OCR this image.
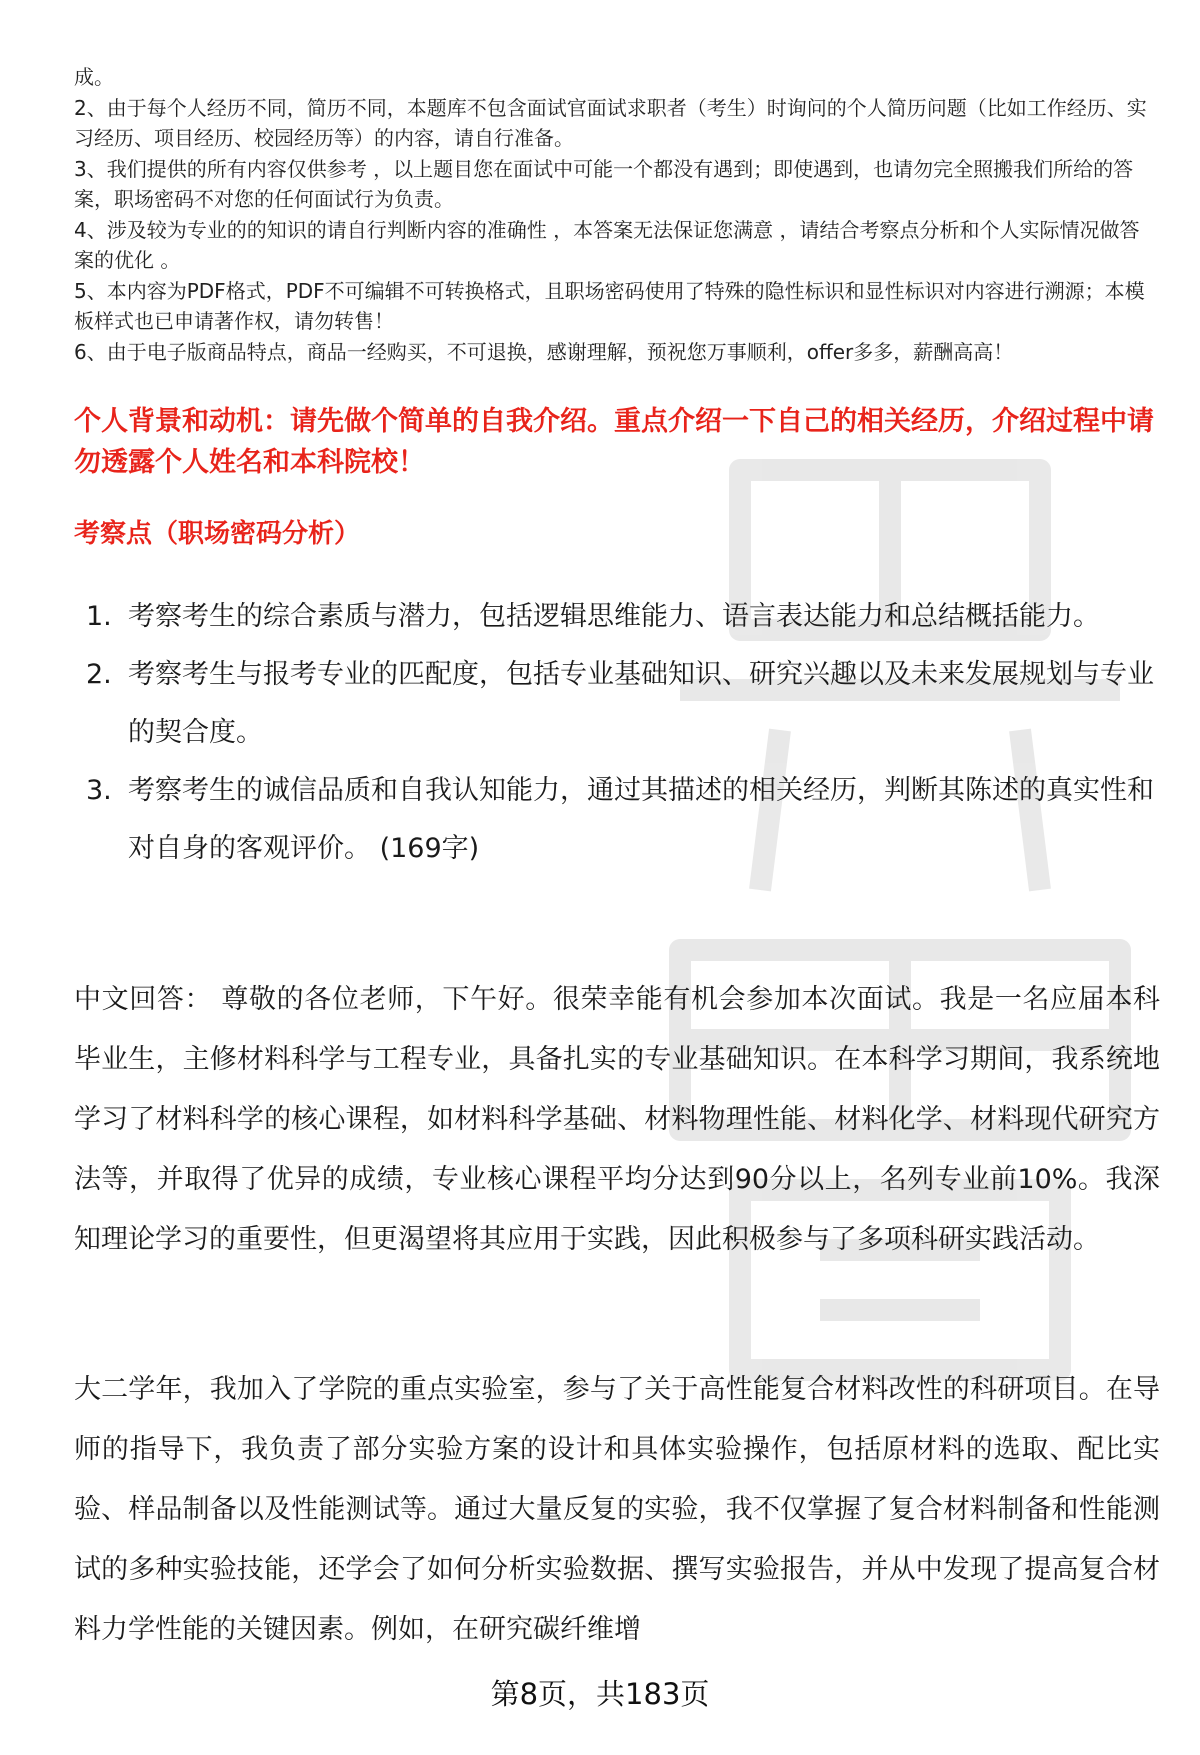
成。

2、由于每个人经历不同，简历不同，本题库不包含面试官面试求职者（考生）时询问的个人简历问题（比如工作经历、实习经历、项目经历、校园经历等）的内容，请自行准备。

3、我们提供的所有内容仅供参考 ，以上题目您在面试中可能一个都没有遇到；即使遇到，也请勿完全照搬我们所给的答案，职场密码不对您的任何面试行为负责。

4、涉及较为专业的的知识的请自行判断内容的准确性 ，本答案无法保证您满意 ，请结合考察点分析和个人实际情况做答案的优化 。

5、本内容为PDF格式，PDF不可编辑不可转换格式，且职场密码使用了特殊的隐性标识和显性标识对内容进行溯源；本模板样式也已申请著作权，请勿转售！

6、由于电子版商品特点，商品一经购买，不可退换，感谢理解，预祝您万事顺利，offer多多，薪酬高高！

个人背景和动机：请先做个简单的自我介绍。重点介绍一下自己的相关经历，介绍过程中请勿透露个人姓名和本科院校！
考察点（职场密码分析）
1. 考察考生的综合素质与潜力，包括逻辑思维能力、语言表达能力和总结概括能力。
2. 考察考生与报考专业的匹配度，包括专业基础知识、研究兴趣以及未来发展规划与专业的契合度。
3. 考察考生的诚信品质和自我认知能力，通过其描述的相关经历，判断其陈述的真实性和对自身的客观评价。 (169字)

中文回答： 尊敬的各位老师，下午好。很荣幸能有机会参加本次面试。我是一名应届本科毕业生，主修材料科学与工程专业，具备扎实的专业基础知识。在本科学习期间，我系统地学习了材料科学的核心课程，如材料科学基础、材料物理性能、材料化学、材料现代研究方法等，并取得了优异的成绩，专业核心课程平均分达到90分以上，名列专业前10%。我深知理论学习的重要性，但更渴望将其应用于实践，因此积极参与了多项科研实践活动。

大二学年，我加入了学院的重点实验室，参与了关于高性能复合材料改性的科研项目。在导师的指导下，我负责了部分实验方案的设计和具体实验操作，包括原材料的选取、配比实验、样品制备以及性能测试等。通过大量反复的实验，我不仅掌握了复合材料制备和性能测试的多种实验技能，还学会了如何分析实验数据、撰写实验报告，并从中发现了提高复合材料力学性能的关键因素。例如，在研究碳纤维增

第8页，共183页
